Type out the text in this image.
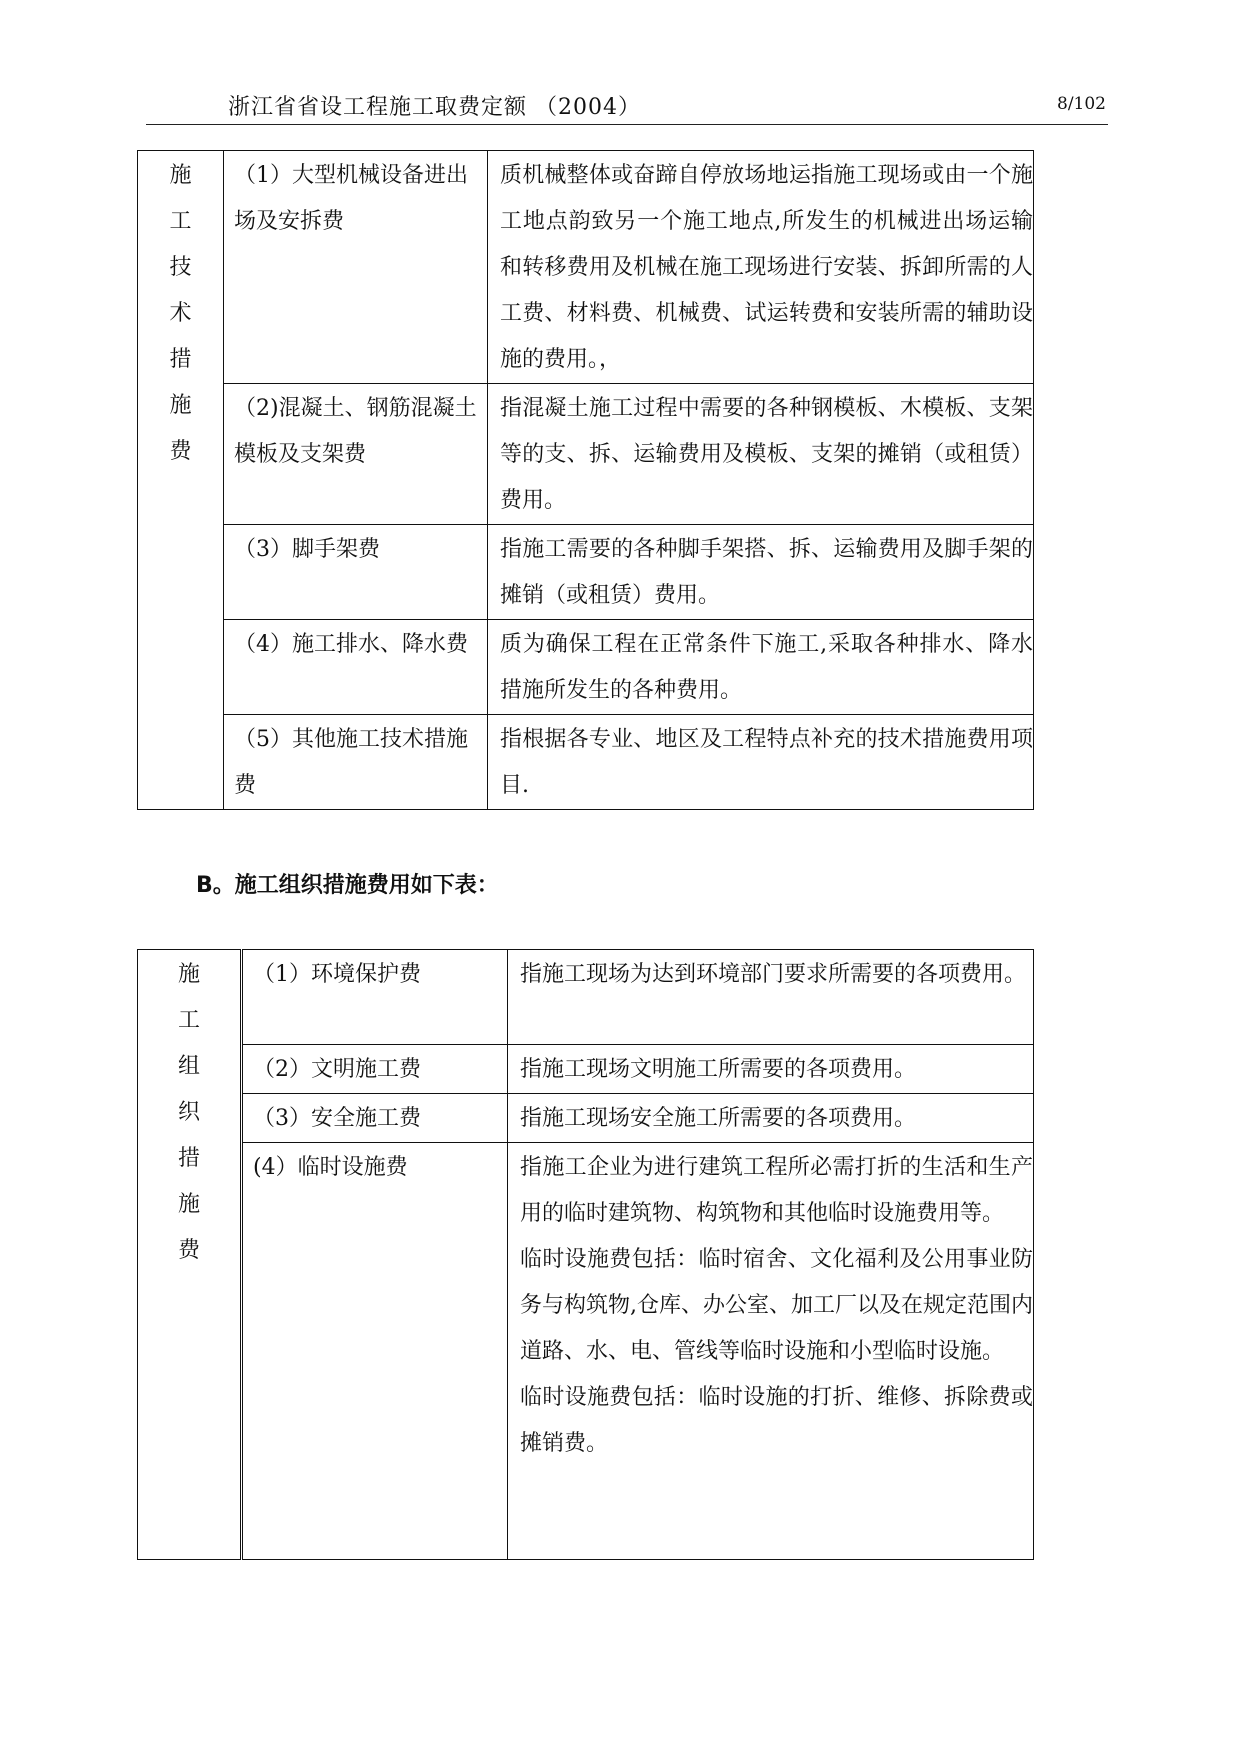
浙江省省设工程施工取费定额 （2004）	8/102
施工技术措施费	（1）大型机械设备进出场及安拆费	质机械整体或奋蹄自停放场地运指施工现场或由一个施工地点韵致另一个施工地点,所发生的机械进出场运输和转移费用及机械在施工现场进行安装、拆卸所需的人工费、材料费、机械费、试运转费和安装所需的辅助设施的费用。，
	（2)混凝土、钢筋混凝土模板及支架费	指混凝土施工过程中需要的各种钢模板、木模板、支架等的支、拆、运输费用及模板、支架的摊销（或租赁）费用。
	（3）脚手架费	指施工需要的各种脚手架搭、拆、运输费用及脚手架的摊销（或租赁）费用。
	（4）施工排水、降水费	质为确保工程在正常条件下施工,采取各种排水、降水措施所发生的各种费用。
	（5）其他施工技术措施费	指根据各专业、地区及工程特点补充的技术措施费用项目.
B。施工组织措施费用如下表：
施工组织措施费	（1）环境保护费	指施工现场为达到环境部门要求所需要的各项费用。
	（2）文明施工费	指施工现场文明施工所需要的各项费用。
	（3）安全施工费	指施工现场安全施工所需要的各项费用。
	(4）临时设施费	指施工企业为进行建筑工程所必需打折的生活和生产用的临时建筑物、构筑物和其他临时设施费用等。
临时设施费包括：临时宿舍、文化福利及公用事业防务与构筑物,仓库、办公室、加工厂以及在规定范围内道路、水、电、管线等临时设施和小型临时设施。
临时设施费包括：临时设施的打折、维修、拆除费或摊销费。
